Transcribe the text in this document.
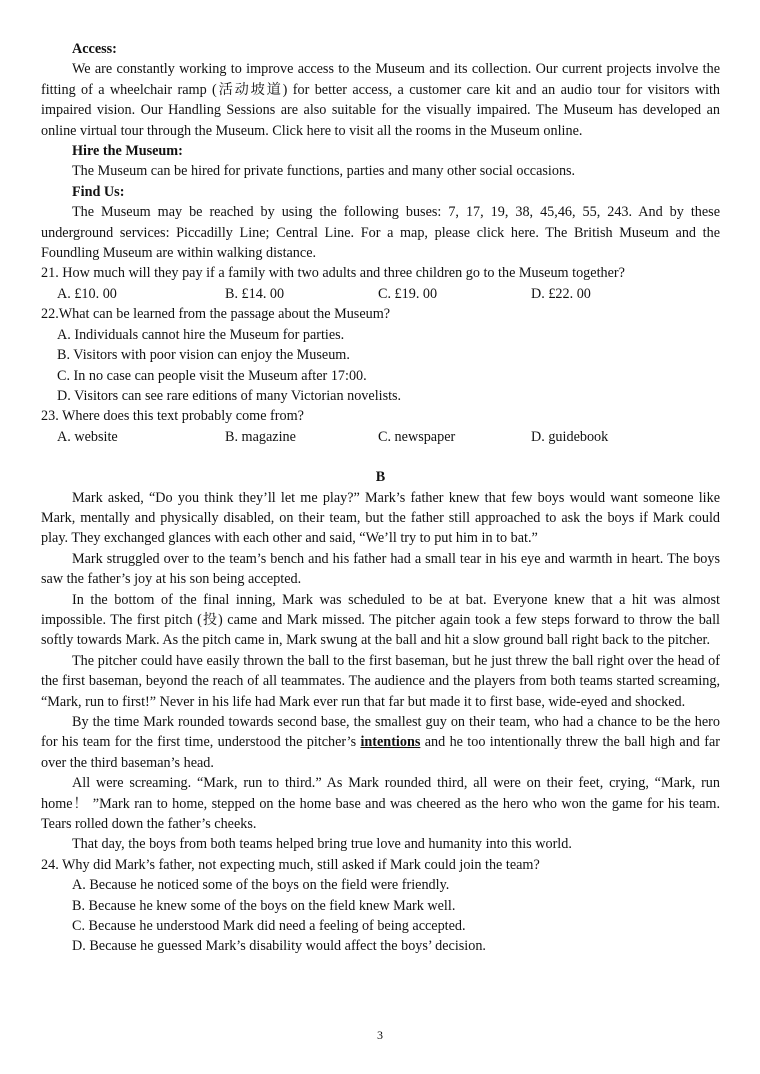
Access:

We are constantly working to improve access to the Museum and its collection. Our current projects involve the fitting of a wheelchair ramp (活动坡道) for better access, a customer care kit and an audio tour for visitors with impaired vision. Our Handling Sessions are also suitable for the visually impaired. The Museum has developed an online virtual tour through the Museum. Click here to visit all the rooms in the Museum online.

Hire the Museum:

The Museum can be hired for private functions, parties and many other social occasions.

Find Us:

The Museum may be reached by using the following buses: 7, 17, 19, 38, 45,46, 55, 243. And by these underground services: Piccadilly Line; Central Line. For a map, please click here. The British Museum and the Foundling Museum are within walking distance.

21. How much will they pay if a family with two adults and three children go to the Museum together?

A. £10. 00	B. £14. 00	C. £19. 00	D. £22. 00

22.What can be learned from the passage about the Museum?

A. Individuals cannot hire the Museum for parties.
B. Visitors with poor vision can enjoy the Museum.
C. In no case can people visit the Museum after 17:00.
D. Visitors can see rare editions of many Victorian novelists.

23. Where does this text probably come from?

A. website	B. magazine	C. newspaper	D. guidebook

B

Mark asked, “Do you think they’ll let me play?” Mark’s father knew that few boys would want someone like Mark, mentally and physically disabled, on their team, but the father still approached to ask the boys if Mark could play. They exchanged glances with each other and said, “We’ll try to put him in to bat.”

Mark struggled over to the team’s bench and his father had a small tear in his eye and warmth in heart. The boys saw the father’s joy at his son being accepted.

In the bottom of the final inning, Mark was scheduled to be at bat. Everyone knew that a hit was almost impossible. The first pitch (投) came and Mark missed. The pitcher again took a few steps forward to throw the ball softly towards Mark. As the pitch came in, Mark swung at the ball and hit a slow ground ball right back to the pitcher.

The pitcher could have easily thrown the ball to the first baseman, but he just threw the ball right over the head of the first baseman, beyond the reach of all teammates. The audience and the players from both teams started screaming, “Mark, run to first!” Never in his life had Mark ever run that far but made it to first base, wide-eyed and shocked.

By the time Mark rounded towards second base, the smallest guy on their team, who had a chance to be the hero for his team for the first time, understood the pitcher’s intentions and he too intentionally threw the ball high and far over the third baseman’s head.

All were screaming. “Mark, run to third.” As Mark rounded third, all were on their feet, crying, “Mark, run home！ ”Mark ran to home, stepped on the home base and was cheered as the hero who won the game for his team. Tears rolled down the father’s cheeks.

That day, the boys from both teams helped bring true love and humanity into this world.

24. Why did Mark’s father, not expecting much, still asked if Mark could join the team?

A. Because he noticed some of the boys on the field were friendly.
B. Because he knew some of the boys on the field knew Mark well.
C. Because he understood Mark did need a feeling of being accepted.
D. Because he guessed Mark’s disability would affect the boys’ decision.
3
